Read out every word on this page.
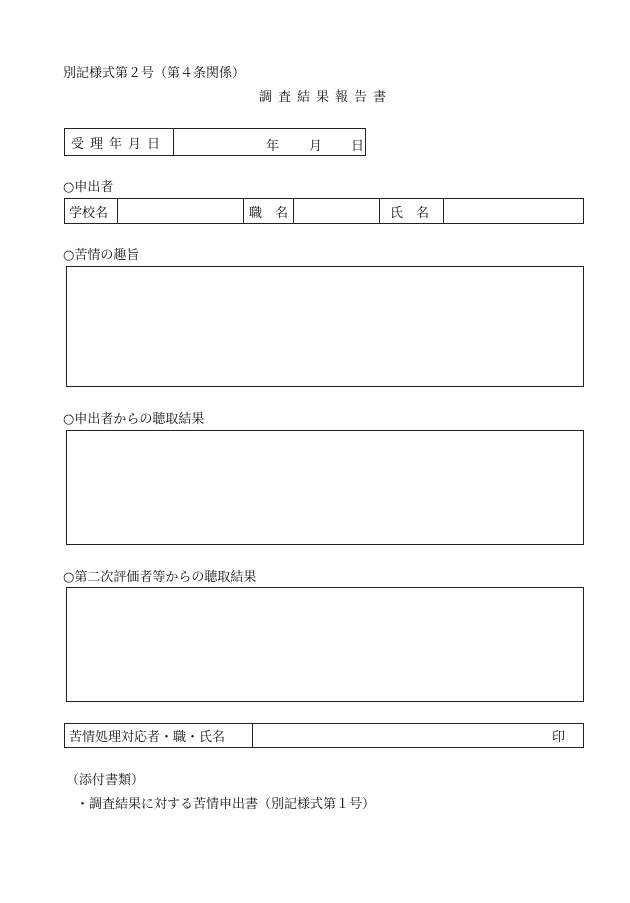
別記様式第２号（第４条関係）
調査結果報告書
受理年月日	年 月 日
○申出者
学校名	職　名	氏　名
○苦情の趣旨
○申出者からの聴取結果
○第二次評価者等からの聴取結果
苦情処理対応者・職・氏名	印
（添付書類）
・調査結果に対する苦情申出書（別記様式第１号）
